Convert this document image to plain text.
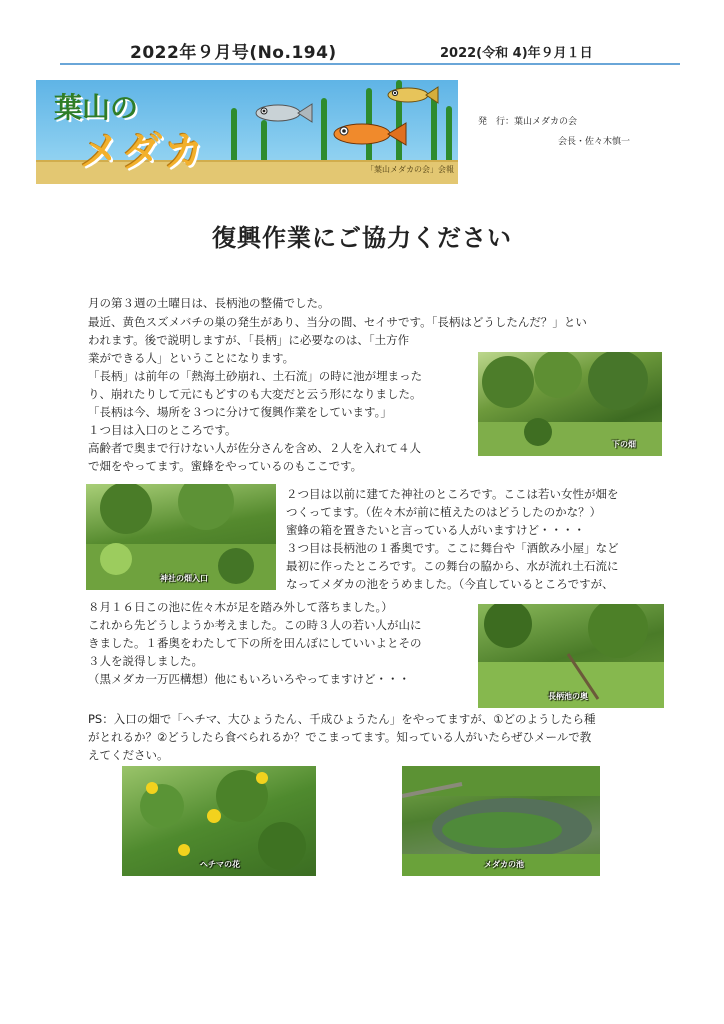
2022年９月号(No.194)	2022(令和 4)年９月１日
葉山の
メダカ	「葉山メダカの会」会報
発　行：葉山メダカの会
会長・佐々木慎一
復興作業にご協力ください
月の第３週の土曜日は、長柄池の整備でした。
最近、黄色スズメバチの巣の発生があり、当分の間、セイサです。「長柄はどうしたんだ？」とい
われます。後で説明しますが、「長柄」に必要なのは、「土方作
業ができる人」ということになります。
「長柄」は前年の「熱海土砂崩れ、土石流」の時に池が埋まった
り、崩れたりして元にもどすのも大変だと云う形になりました。
「長柄は今、場所を３つに分けて復興作業をしています。」
１つ目は入口のところです。
高齢者で奥まで行けない人が佐分さんを含め、２人を入れて４人
で畑をやってます。蜜蜂をやっているのもここです。
２つ目は以前に建てた神社のところです。ここは若い女性が畑を
つくってます。（佐々木が前に植えたのはどうしたのかな？）
蜜蜂の箱を置きたいと言っている人がいますけど・・・・
３つ目は長柄池の１番奥です。ここに舞台や「酒飲み小屋」など
最初に作ったところです。この舞台の脇から、水が流れ土石流に
なってメダカの池をうめました。（今直しているところですが、
８月１６日この池に佐々木が足を踏み外して落ちました。）
これから先どうしようか考えました。この時３人の若い人が山に
きました。１番奥をわたして下の所を田んぼにしていいよとその
３人を説得しました。
（黒メダカ一万匹構想）他にもいろいろやってますけど・・・
PS：入口の畑で「ヘチマ、大ひょうたん、千成ひょうたん」をやってますが、①どのようしたら種
がとれるか？②どうしたら食べられるか？でこまってます。知っている人がいたらぜひメールで教
えてください。
下の畑
神社の畑入口
長柄池の奥
ヘチマの花	メダカの池
